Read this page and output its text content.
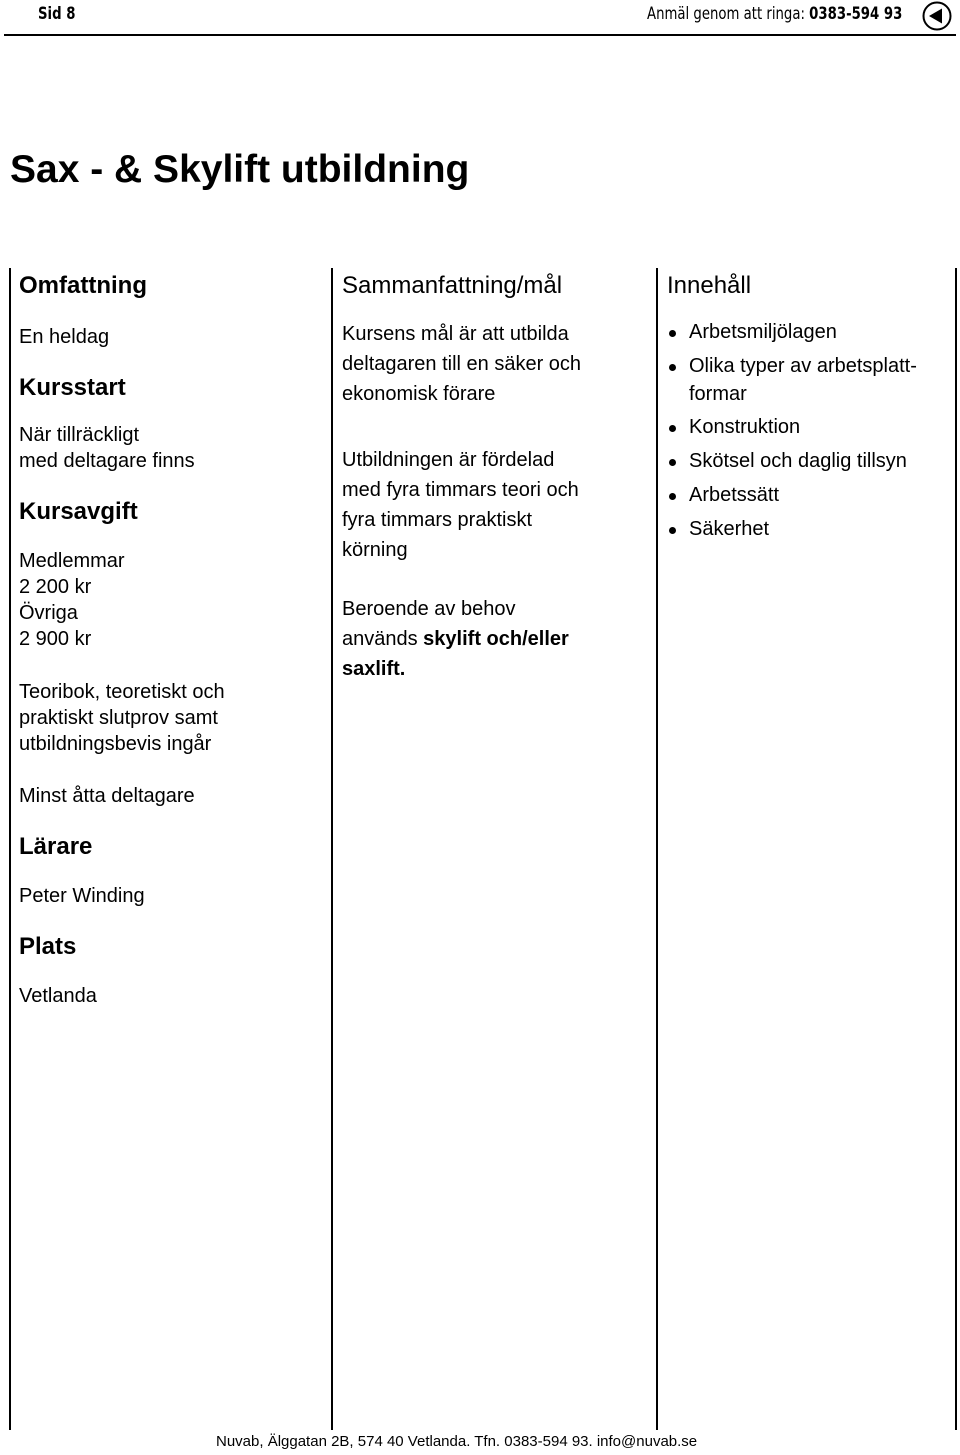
Sid 8	Anmäl genom att ringa: 0383-594 93
Sax - & Skylift utbildning
Omfattning
En heldag
Kursstart
När tillräckligt
med deltagare finns
Kursavgift
Medlemmar
2 200 kr
Övriga
2 900 kr
Teoribok, teoretiskt och
praktiskt slutprov samt
utbildningsbevis ingår
Minst åtta deltagare
Lärare
Peter Winding
Plats
Vetlanda
Sammanfattning/mål
Kursens mål är att utbilda
deltagaren till en säker och
ekonomisk förare
Utbildningen är fördelad
med fyra timmars teori och
fyra timmars praktiskt
körning
Beroende av behov
används skylift och/eller
saxlift.
Innehåll
Arbetsmiljölagen
Olika typer av arbetsplatt-
formar
Konstruktion
Skötsel och daglig tillsyn
Arbetssätt
Säkerhet
Nuvab, Älggatan 2B, 574 40 Vetlanda. Tfn. 0383-594 93. info@nuvab.se
